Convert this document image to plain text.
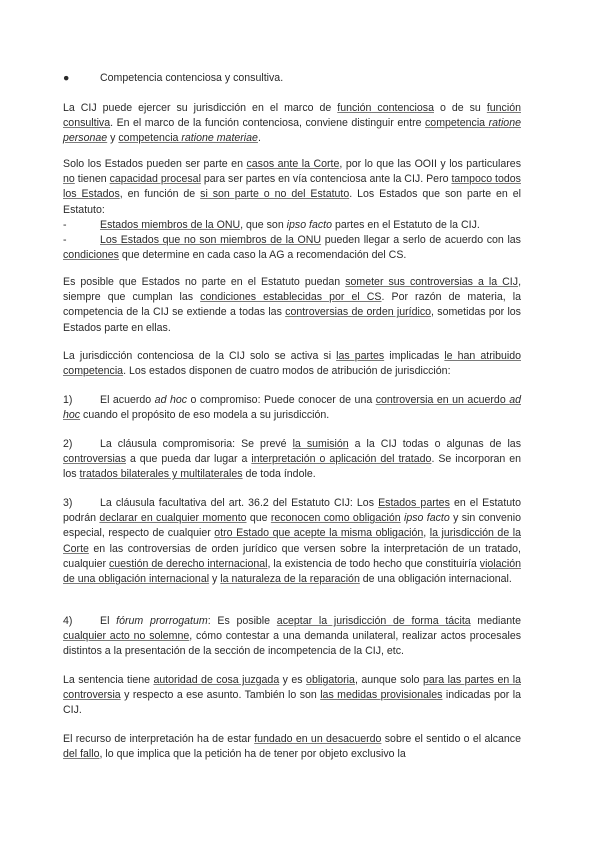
●	Competencia contenciosa y consultiva.

La CIJ puede ejercer su jurisdicción en el marco de función contenciosa o de su función consultiva. En el marco de la función contenciosa, conviene distinguir entre competencia ratione personae y competencia ratione materiae.

Solo los Estados pueden ser parte en casos ante la Corte, por lo que las OOII y los particulares no tienen capacidad procesal para ser partes en vía contenciosa ante la CIJ. Pero tampoco todos los Estados, en función de si son parte o no del Estatuto. Los Estados que son parte en el Estatuto:

-	Estados miembros de la ONU, que son ipso facto partes en el Estatuto de la CIJ.
-	Los Estados que no son miembros de la ONU pueden llegar a serlo de acuerdo con las condiciones que determine en cada caso la AG a recomendación del CS.

Es posible que Estados no parte en el Estatuto puedan someter sus controversias a la CIJ, siempre que cumplan las condiciones establecidas por el CS. Por razón de materia, la competencia de la CIJ se extiende a todas las controversias de orden jurídico, sometidas por los Estados parte en ellas.

La jurisdicción contenciosa de la CIJ solo se activa si las partes implicadas le han atribuido competencia. Los estados disponen de cuatro modos de atribución de jurisdicción:

1)	El acuerdo ad hoc o compromiso: Puede conocer de una controversia en un acuerdo ad hoc cuando el propósito de eso modela a su jurisdicción.

2)	La cláusula compromisoria: Se prevé la sumisión a la CIJ todas o algunas de las controversias a que pueda dar lugar a interpretación o aplicación del tratado. Se incorporan en los tratados bilaterales y multilaterales de toda índole.

3)	La cláusula facultativa del art. 36.2 del Estatuto CIJ: Los Estados partes en el Estatuto podrán declarar en cualquier momento que reconocen como obligación ipso facto y sin convenio especial, respecto de cualquier otro Estado que acepte la misma obligación, la jurisdicción de la Corte en las controversias de orden jurídico que versen sobre la interpretación de un tratado, cualquier cuestión de derecho internacional, la existencia de todo hecho que constituiría violación de una obligación internacional y la naturaleza de la reparación de una obligación internacional.

4)	El fórum prorrogatum: Es posible aceptar la jurisdicción de forma tácita mediante cualquier acto no solemne, cómo contestar a una demanda unilateral, realizar actos procesales distintos a la presentación de la sección de incompetencia de la CIJ, etc.

La sentencia tiene autoridad de cosa juzgada y es obligatoria, aunque solo para las partes en la controversia y respecto a ese asunto. También lo son las medidas provisionales indicadas por la CIJ.

El recurso de interpretación ha de estar fundado en un desacuerdo sobre el sentido o el alcance del fallo, lo que implica que la petición ha de tener por objeto exclusivo la
